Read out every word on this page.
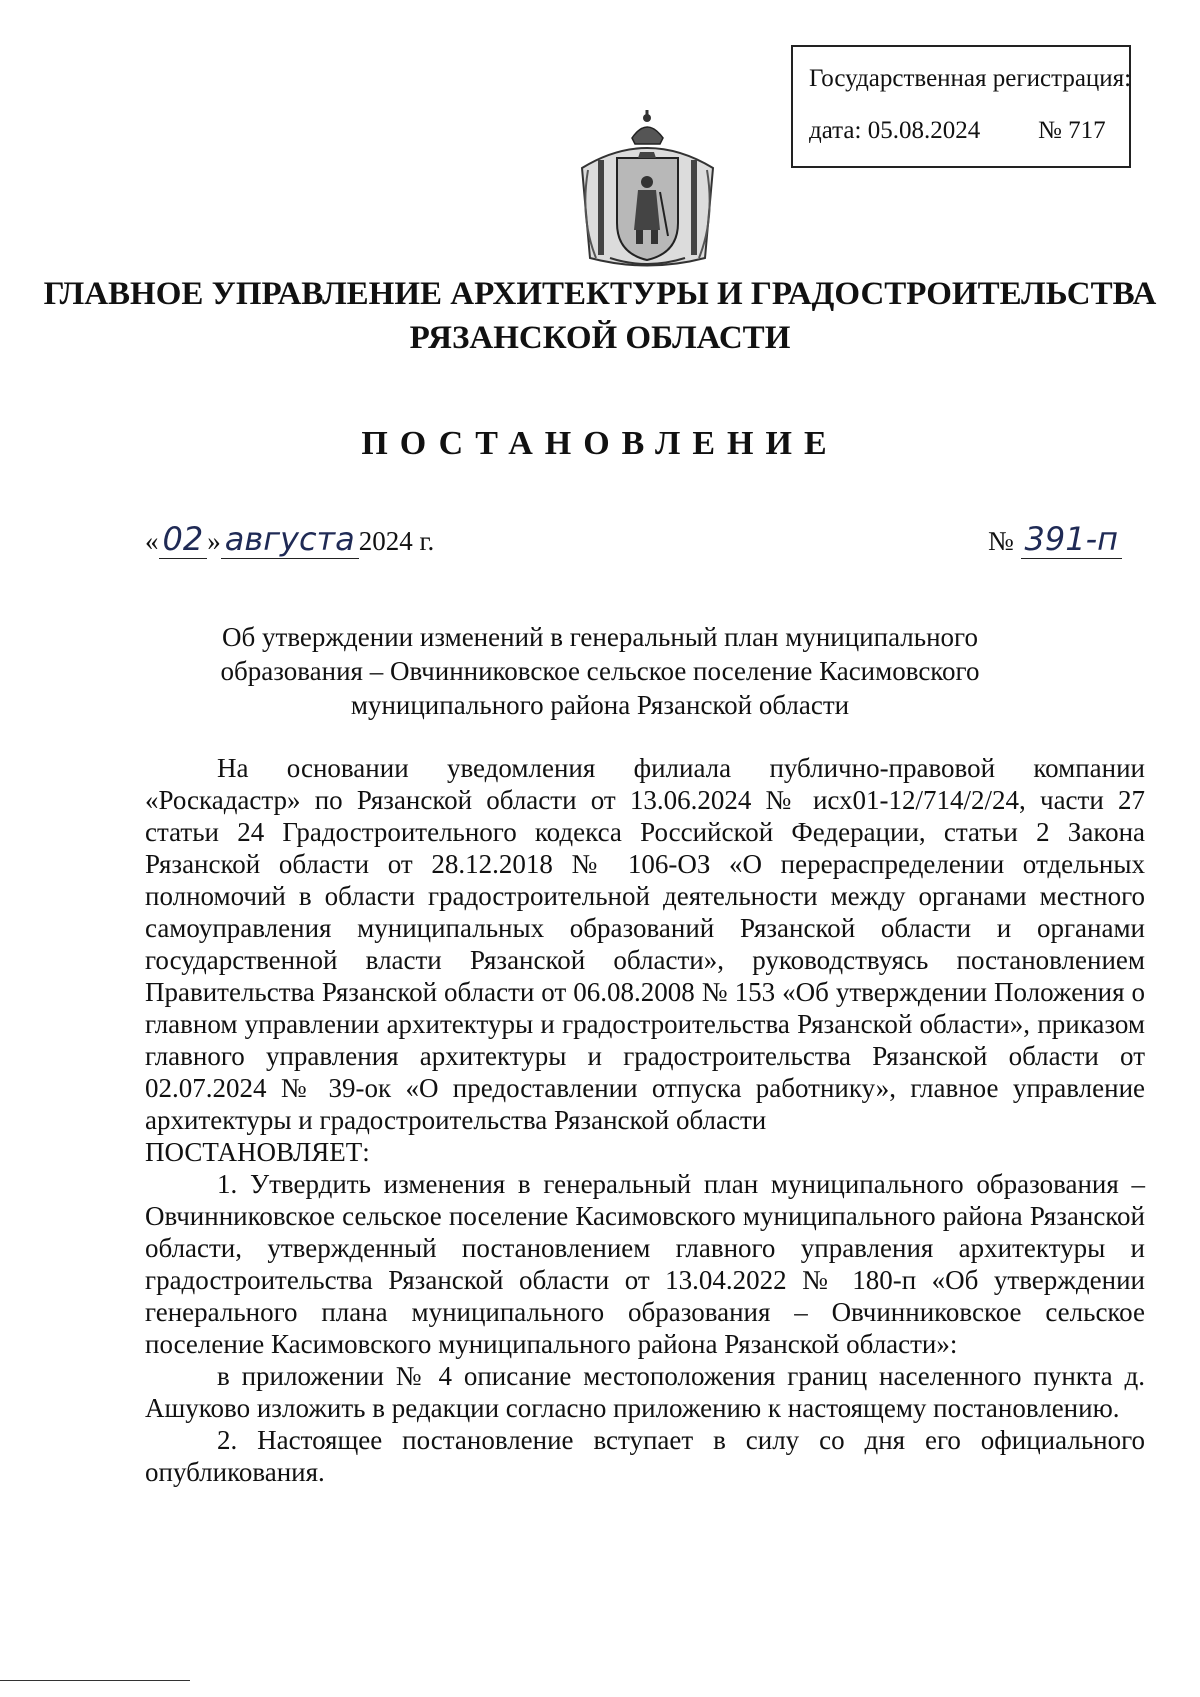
Государственная регистрация:
дата: 05.08.2024 № 717
ГЛАВНОЕ УПРАВЛЕНИЕ АРХИТЕКТУРЫ И ГРАДОСТРОИТЕЛЬСТВА
РЯЗАНСКОЙ ОБЛАСТИ
ПОСТАНОВЛЕНИЕ
« 02 » августа 2024 г.	№ 391-п
Об утверждении изменений в генеральный план муниципального
образования – Овчинниковское сельское поселение Касимовского
муниципального района Рязанской области

На основании уведомления филиала публично-правовой компании «Роскадастр» по Рязанской области от 13.06.2024 № исх01-12/714/2/24, части 27 статьи 24 Градостроительного кодекса Российской Федерации, статьи 2 Закона Рязанской области от 28.12.2018 № 106-ОЗ «О перераспределении отдельных полномочий в области градостроительной деятельности между органами местного самоуправления муниципальных образований Рязанской области и органами государственной власти Рязанской области», руководствуясь постановлением Правительства Рязанской области от 06.08.2008 № 153 «Об утверждении Положения о главном управлении архитектуры и градостроительства Рязанской области», приказом главного управления архитектуры и градостроительства Рязанской области от 02.07.2024 № 39-ок «О предоставлении отпуска работнику», главное управление архитектуры и градостроительства Рязанской области

ПОСТАНОВЛЯЕТ:

1. Утвердить изменения в генеральный план муниципального образования – Овчинниковское сельское поселение Касимовского муниципального района Рязанской области, утвержденный постановлением главного управления архитектуры и градостроительства Рязанской области от 13.04.2022 № 180-п «Об утверждении генерального плана муниципального образования – Овчинниковское сельское поселение Касимовского муниципального района Рязанской области»:

в приложении № 4 описание местоположения границ населенного пункта д. Ашуково изложить в редакции согласно приложению к настоящему постановлению.

2. Настоящее постановление вступает в силу со дня его официального опубликования.
